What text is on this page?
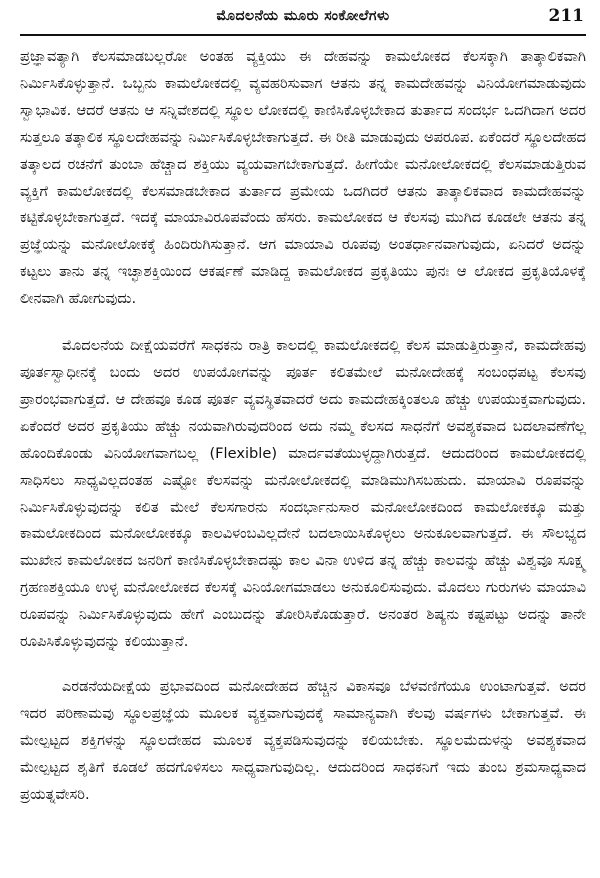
ಮೊದಲನೆಯ ಮೂರು ಸಂಕೋಲೆಗಳು	211

ಪ್ರಜ್ಞಾವತ್ಯಾಗಿ ಕೆಲಸಮಾಡಬಲ್ಲರೋ ಅಂತಹ ವ್ಯಕ್ತಿಯು ಈ ದೇಹವನ್ನು ಕಾಮಲೋಕದ ಕೆಲಸಕ್ಕಾಗಿ ತಾತ್ಕಾಲಿಕವಾಗಿ ನಿರ್ಮಿಸಿಕೊಳ್ಳುತ್ತಾನೆ. ಒಬ್ಬನು ಕಾಮಲೋಕದಲ್ಲಿ ವ್ಯವಹರಿಸುವಾಗ ಆತನು ತನ್ನ ಕಾಮದೇಹವನ್ನು ವಿನಿಯೋಗಮಾಡುವುದು ಸ್ವಾಭಾವಿಕ. ಆದರೆ ಆತನು ಆ ಸನ್ನಿವೇಶದಲ್ಲಿ ಸ್ಥೂಲ ಲೋಕದಲ್ಲಿ ಕಾಣಿಸಿಕೊಳ್ಳಬೇಕಾದ ತುರ್ತಾದ ಸಂದರ್ಭ ಒದಗಿದಾಗ ಅದರ ಸುತ್ತಲೂ ತತ್ಕಾಲಿಕ ಸ್ಥೂಲದೇಹವನ್ನು ನಿರ್ಮಿಸಿಕೊಳ್ಳಬೇಕಾಗುತ್ತದೆ. ಈ ರೀತಿ ಮಾಡುವುದು ಅಪರೂಪ. ಏಕೆಂದರೆ ಸ್ಥೂಲದೇಹದ ತತ್ಕಾಲದ ರಚನೆಗೆ ತುಂಬಾ ಹೆಚ್ಚಾದ ಶಕ್ತಿಯು ವ್ಯಯವಾಗಬೇಕಾಗುತ್ತದೆ. ಹೀಗೆಯೇ ಮನೋಲೋಕದಲ್ಲಿ ಕೆಲಸಮಾಡುತ್ತಿರುವ ವ್ಯಕ್ತಿಗೆ ಕಾಮಲೋಕದಲ್ಲಿ ಕೆಲಸಮಾಡಬೇಕಾದ ತುರ್ತಾದ ಪ್ರಮೇಯ ಒದಗಿದರೆ ಆತನು ತಾತ್ಕಾಲಿಕವಾದ ಕಾಮದೇಹವನ್ನು ಕಟ್ಟಿಕೊಳ್ಳಬೇಕಾಗುತ್ತದೆ. ಇದಕ್ಕೆ ಮಾಯಾವಿರೂಪವೆಂದು ಹೆಸರು. ಕಾಮಲೋಕದ ಆ ಕೆಲಸವು ಮುಗಿದ ಕೂಡಲೇ ಆತನು ತನ್ನ ಪ್ರಜ್ಞೆಯನ್ನು ಮನೋಲೋಕಕ್ಕೆ ಹಿಂದಿರುಗಿಸುತ್ತಾನೆ. ಆಗ ಮಾಯಾವಿ ರೂಪವು ಅಂತರ್ಧಾನವಾಗುವುದು, ಏನಿದರೆ ಅದನ್ನು ಕಟ್ಟಲು ತಾನು ತನ್ನ ಇಚ್ಛಾಶಕ್ತಿಯಿಂದ ಆಕರ್ಷಣೆ ಮಾಡಿದ್ದ ಕಾಮಲೋಕದ ಪ್ರಕೃತಿಯು ಪುನಃ ಆ ಲೋಕದ ಪ್ರಕೃತಿಯೊಳಕ್ಕೆ ಲೀನವಾಗಿ ಹೋಗುವುದು.

ಮೊದಲನೆಯ ದೀಕ್ಷೆಯವರೆಗೆ ಸಾಧಕನು ರಾತ್ರಿ ಕಾಲದಲ್ಲಿ ಕಾಮಲೋಕದಲ್ಲಿ ಕೆಲಸ ಮಾಡುತ್ತಿರುತ್ತಾನೆ, ಕಾಮದೇಹವು ಪೂರ್ತಸ್ವಾಧೀನಕ್ಕೆ ಬಂದು ಅದರ ಉಪಯೋಗವನ್ನು ಪೂರ್ತ ಕಲಿತಮೇಲೆ ಮನೋದೇಹಕ್ಕೆ ಸಂಬಂಧಪಟ್ಟ ಕೆಲಸವು ಪ್ರಾರಂಭವಾಗುತ್ತದೆ. ಆ ದೇಹವೂ ಕೂಡ ಪೂರ್ತ ವ್ಯವಸ್ಥಿತವಾದರೆ ಅದು ಕಾಮದೇಹಕ್ಕಿಂತಲೂ ಹೆಚ್ಚು ಉಪಯುಕ್ತವಾಗುವುದು. ಏಕೆಂದರೆ ಅದರ ಪ್ರಕೃತಿಯು ಹೆಚ್ಚು ನಯವಾಗಿರುವುದರಿಂದ ಅದು ನಮ್ಮ ಕೆಲಸದ ಸಾಧನೆಗೆ ಅವಶ್ಯಕವಾದ ಬದಲಾವಣೆಗೆಲ್ಲ ಹೊಂದಿಕೊಂಡು ವಿನಿಯೋಗವಾಗಬಲ್ಲ (Flexible) ಮಾರ್ದವತೆಯುಳ್ಳದ್ದಾಗಿರುತ್ತದೆ. ಆದುದರಿಂದ ಕಾಮಲೋಕದಲ್ಲಿ ಸಾಧಿಸಲು ಸಾಧ್ಯವಿಲ್ಲದಂತಹ ಎಷ್ಟೋ ಕೆಲಸವನ್ನು ಮನೋಲೋಕದಲ್ಲಿ ಮಾಡಿಮುಗಿಸಬಹುದು. ಮಾಯಾವಿ ರೂಪವನ್ನು ನಿರ್ಮಿಸಿಕೊಳ್ಳುವುದನ್ನು ಕಲಿತ ಮೇಲೆ ಕೆಲಸಗಾರನು ಸಂದರ್ಭಾನುಸಾರ ಮನೋಲೋಕದಿಂದ ಕಾಮಲೋಕಕ್ಕೂ ಮತ್ತು ಕಾಮಲೋಕದಿಂದ ಮನೋಲೋಕಕ್ಕೂ ಕಾಲವಿಳಂಬವಿಲ್ಲದೇನೆ ಬದಲಾಯಿಸಿಕೊಳ್ಳಲು ಅನುಕೂಲವಾಗುತ್ತದೆ. ಈ ಸೌಲಭ್ಯದ ಮುಖೇನ ಕಾಮಲೋಕದ ಜನರಿಗೆ ಕಾಣಿಸಿಕೊಳ್ಳಬೇಕಾದಷ್ಟು ಕಾಲ ವಿನಾ ಉಳಿದ ತನ್ನ ಹೆಚ್ಚು ಕಾಲವನ್ನು ಹೆಚ್ಚು ವಿಶ್ವವೂ ಸೂಕ್ಷ್ಮ ಗ್ರಹಣಶಕ್ತಿಯೂ ಉಳ್ಳ ಮನೋಲೋಕದ ಕೆಲಸಕ್ಕೆ ವಿನಿಯೋಗಮಾಡಲು ಅನುಕೂಲಿಸುವುದು. ಮೊದಲು ಗುರುಗಳು ಮಾಯಾವಿ ರೂಪವನ್ನು ನಿರ್ಮಿಸಿಕೊಳ್ಳುವುದು ಹೇಗೆ ಎಂಬುದನ್ನು ತೋರಿಸಿಕೊಡುತ್ತಾರೆ. ಅನಂತರ ಶಿಷ್ಯನು ಕಷ್ಟಪಟ್ಟು ಅದನ್ನು ತಾನೇ ರೂಪಿಸಿಕೊಳ್ಳುವುದನ್ನು ಕಲಿಯುತ್ತಾನೆ.

ಎರಡನೆಯದೀಕ್ಷೆಯ ಪ್ರಭಾವದಿಂದ ಮನೋದೇಹದ ಹೆಚ್ಚಿನ ವಿಕಾಸವೂ ಬೆಳವಣಿಗೆಯೂ ಉಂಟಾಗುತ್ತವೆ. ಅದರ ಇದರ ಪರಿಣಾಮವು ಸ್ಥೂಲಪ್ರಜ್ಞೆಯ ಮೂಲಕ ವ್ಯಕ್ತವಾಗುವುದಕ್ಕೆ ಸಾಮಾನ್ಯವಾಗಿ ಕೆಲವು ವರ್ಷಗಳು ಬೇಕಾಗುತ್ತವೆ. ಈ ಮೇಲ್ಪಟ್ಟದ ಶಕ್ತಿಗಳನ್ನು ಸ್ಥೂಲದೇಹದ ಮೂಲಕ ವ್ಯಕ್ತಪಡಿಸುವುದನ್ನು ಕಲಿಯಬೇಕು. ಸ್ಥೂಲಮೆದುಳನ್ನು ಅವಶ್ಯಕವಾದ ಮೇಲ್ಪಟ್ಟದ ಶೃತಿಗೆ ಕೂಡಲೆ ಹದಗೊಳಿಸಲು ಸಾಧ್ಯವಾಗುವುದಿಲ್ಲ. ಆದುದರಿಂದ ಸಾಧಕನಿಗೆ ಇದು ತುಂಬ ಶ್ರಮಸಾಧ್ಯವಾದ ಪ್ರಯತ್ನವೇಸರಿ.
